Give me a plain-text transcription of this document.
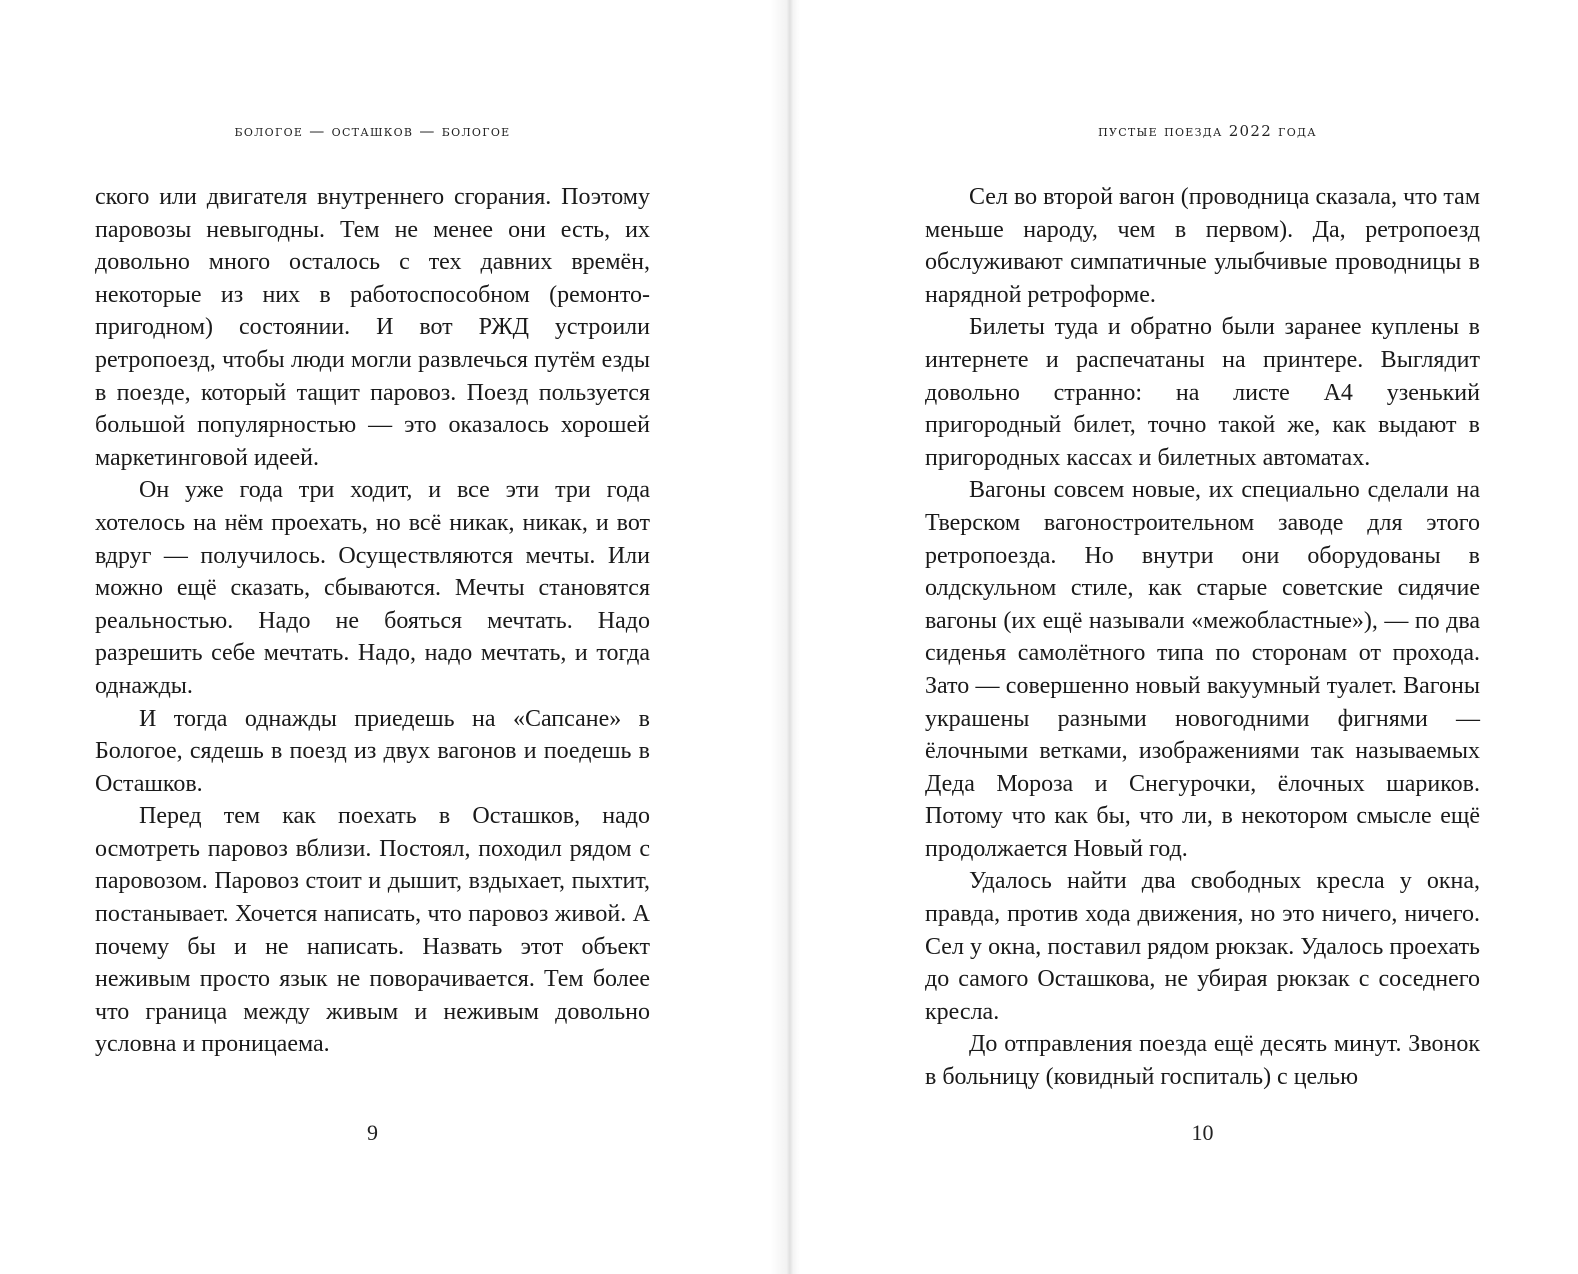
бологое — осташков — бологое

ского или двигателя внутреннего сгорания. Поэтому паровозы невыгодны. Тем не менее они есть, их довольно много осталось с тех давних времён, некоторые из них в работоспособном (ремонто-пригодном) состоянии. И вот РЖД устроили ретропоезд, чтобы люди могли развлечься путём езды в поезде, который тащит паровоз. Поезд пользуется большой популярностью — это оказалось хорошей маркетинговой идеей.

Он уже года три ходит, и все эти три года хотелось на нём проехать, но всё никак, никак, и вот вдруг — получилось. Осуществляются мечты. Или можно ещё сказать, сбываются. Мечты становятся реальностью. Надо не бояться мечтать. Надо разрешить себе мечтать. Надо, надо мечтать, и тогда однажды.

И тогда однажды приедешь на «Сапсане» в Бологое, сядешь в поезд из двух вагонов и поедешь в Осташков.

Перед тем как поехать в Осташков, надо осмотреть паровоз вблизи. Постоял, походил рядом с паровозом. Паровоз стоит и дышит, вздыхает, пыхтит, постанывает. Хочется написать, что паровоз живой. А почему бы и не написать. Назвать этот объект неживым просто язык не поворачивается. Тем более что граница между живым и неживым довольно условна и проницаема.

9
пустые поезда 2022 года

Сел во второй вагон (проводница сказала, что там меньше народу, чем в первом). Да, ретропоезд обслуживают симпатичные улыбчивые проводницы в нарядной ретроформе.

Билеты туда и обратно были заранее куплены в интернете и распечатаны на принтере. Выглядит довольно странно: на листе А4 узенький пригородный билет, точно такой же, как выдают в пригородных кассах и билетных автоматах.

Вагоны совсем новые, их специально сделали на Тверском вагоностроительном заводе для этого ретропоезда. Но внутри они оборудованы в олдскульном стиле, как старые советские сидячие вагоны (их ещё называли «межобластные»), — по два сиденья самолётного типа по сторонам от прохода. Зато — совершенно новый вакуумный туалет. Вагоны украшены разными новогодними фигнями — ёлочными ветками, изображениями так называемых Деда Мороза и Снегурочки, ёлочных шариков. Потому что как бы, что ли, в некотором смысле ещё продолжается Новый год.

Удалось найти два свободных кресла у окна, правда, против хода движения, но это ничего, ничего. Сел у окна, поставил рядом рюкзак. Удалось проехать до самого Осташкова, не убирая рюкзак с соседнего кресла.

До отправления поезда ещё десять минут. Звонок в больницу (ковидный госпиталь) с целью

10
